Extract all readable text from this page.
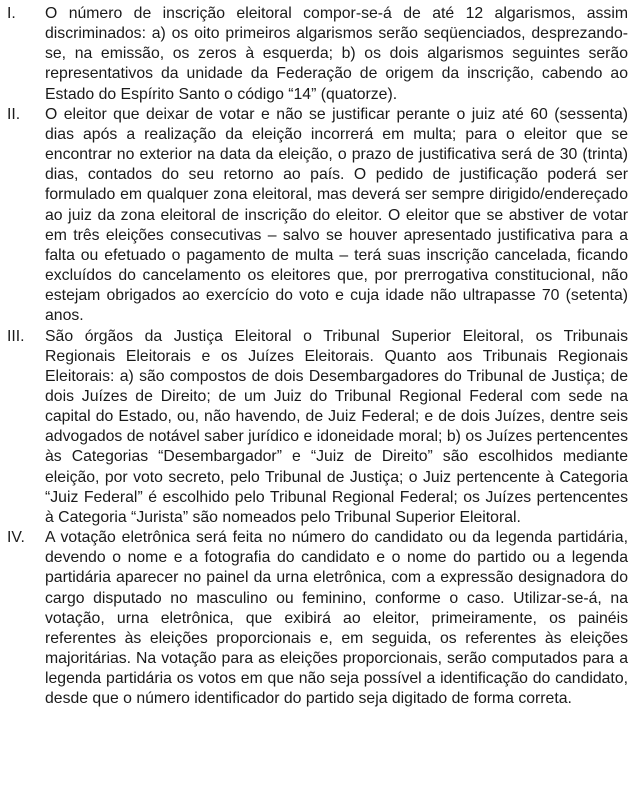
I.	O número de inscrição eleitoral compor-se-á de até 12 algarismos, assim discriminados: a) os oito primeiros algarismos serão seqüenciados, desprezando-se, na emissão, os zeros à esquerda; b) os dois algarismos seguintes serão representativos da unidade da Federação de origem da inscrição, cabendo ao Estado do Espírito Santo o código “14” (quatorze).
II.	O eleitor que deixar de votar e não se justificar perante o juiz até 60 (sessenta) dias após a realização da eleição incorrerá em multa; para o eleitor que se encontrar no exterior na data da eleição, o prazo de justificativa será de 30 (trinta) dias, contados do seu retorno ao país. O pedido de justificação poderá ser formulado em qualquer zona eleitoral, mas deverá ser sempre dirigido/endereçado ao juiz da zona eleitoral de inscrição do eleitor. O eleitor que se abstiver de votar em três eleições consecutivas – salvo se houver apresentado justificativa para a falta ou efetuado o pagamento de multa – terá suas inscrição cancelada, ficando excluídos do cancelamento os eleitores que, por prerrogativa constitucional, não estejam obrigados ao exercício do voto e cuja idade não ultrapasse 70 (setenta) anos.
III.	São órgãos da Justiça Eleitoral o Tribunal Superior Eleitoral, os Tribunais Regionais Eleitorais e os Juízes Eleitorais. Quanto aos Tribunais Regionais Eleitorais: a) são compostos de dois Desembargadores do Tribunal de Justiça; de dois Juízes de Direito; de um Juiz do Tribunal Regional Federal com sede na capital do Estado, ou, não havendo, de Juiz Federal; e de dois Juízes, dentre seis advogados de notável saber jurídico e idoneidade moral; b) os Juízes pertencentes às Categorias “Desembargador” e “Juiz de Direito” são escolhidos mediante eleição, por voto secreto, pelo Tribunal de Justiça; o Juiz pertencente à Categoria “Juiz Federal” é escolhido pelo Tribunal Regional Federal; os Juízes pertencentes à Categoria “Jurista” são nomeados pelo Tribunal Superior Eleitoral.
IV.	A votação eletrônica será feita no número do candidato ou da legenda partidária, devendo o nome e a fotografia do candidato e o nome do partido ou a legenda partidária aparecer no painel da urna eletrônica, com a expressão designadora do cargo disputado no masculino ou feminino, conforme o caso. Utilizar-se-á, na votação, urna eletrônica, que exibirá ao eleitor, primeiramente, os painéis referentes às eleições proporcionais e, em seguida, os referentes às eleições majoritárias. Na votação para as eleições proporcionais, serão computados para a legenda partidária os votos em que não seja possível a identificação do candidato, desde que o número identificador do partido seja digitado de forma correta.
